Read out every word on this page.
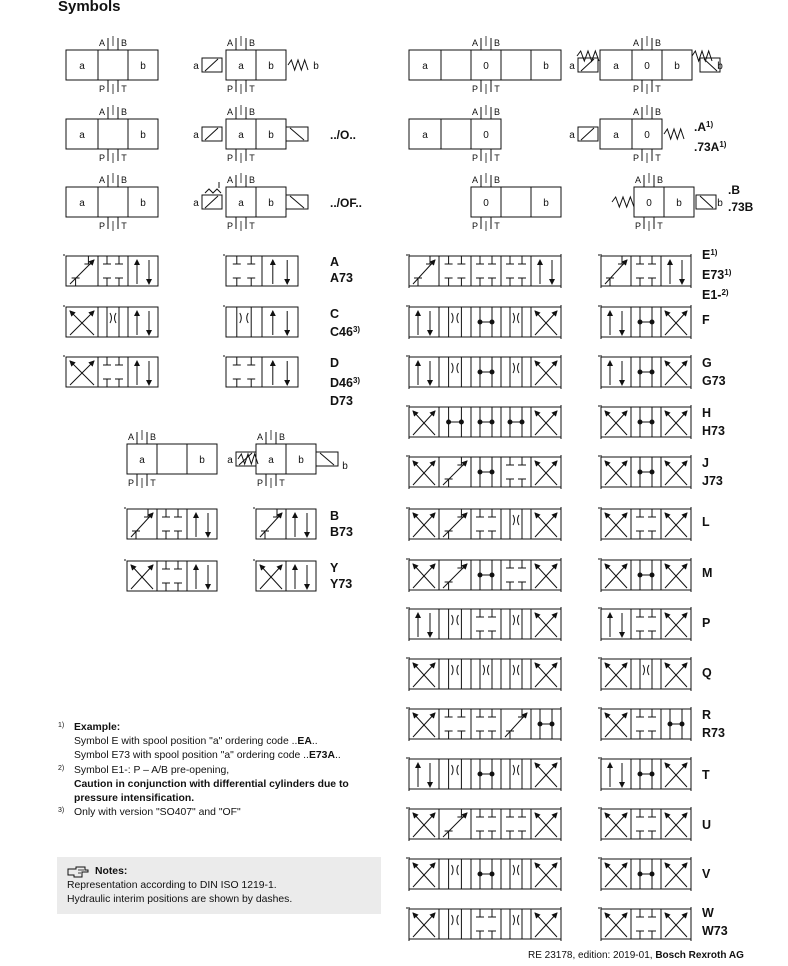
Symbols
a	b
A B
P T
a	b
A B
P T
a	b
A B
P T
a	a b
A B
P T
b
a	a b
A B
P T
a	a b
A B
P T
a	0	b
A B
P T
a	a	0 b
A B
P T
b
a	0
A B
P T
a	a	0
A B
P T
0	b
A B
P T
0 b
A B
P T
b
a	b
A B
P T
a	a b
A B
P T
b
../O..
../OF..
$.A^{1)}$
$.73A^{1)}$
.B
.73B
A
A73
C
C46$^{3)}$
D
D46$^{3)}$
D73
B
B73
Y
Y73
$E^{1)}$
E73$^{1)}$
E1-$^{2)}$
F
G
G73
H
H73
J
J73
L
M
P
Q
R
R73
T
U
V
W
W73
1) Example:
Symbol E with spool position "a" ordering code ..EA..
Symbol E73 with spool position "a" ordering code ..E73A..
2) Symbol E1-: P – A/B pre-opening,
Caution in conjunction with differential cylinders due to pressure intensification.
3) Only with version "SO407" and "OF"
Notes:
Representation according to DIN ISO 1219-1.
Hydraulic interim positions are shown by dashes.
RE 23178, edition: 2019-01, Bosch Rexroth AG
